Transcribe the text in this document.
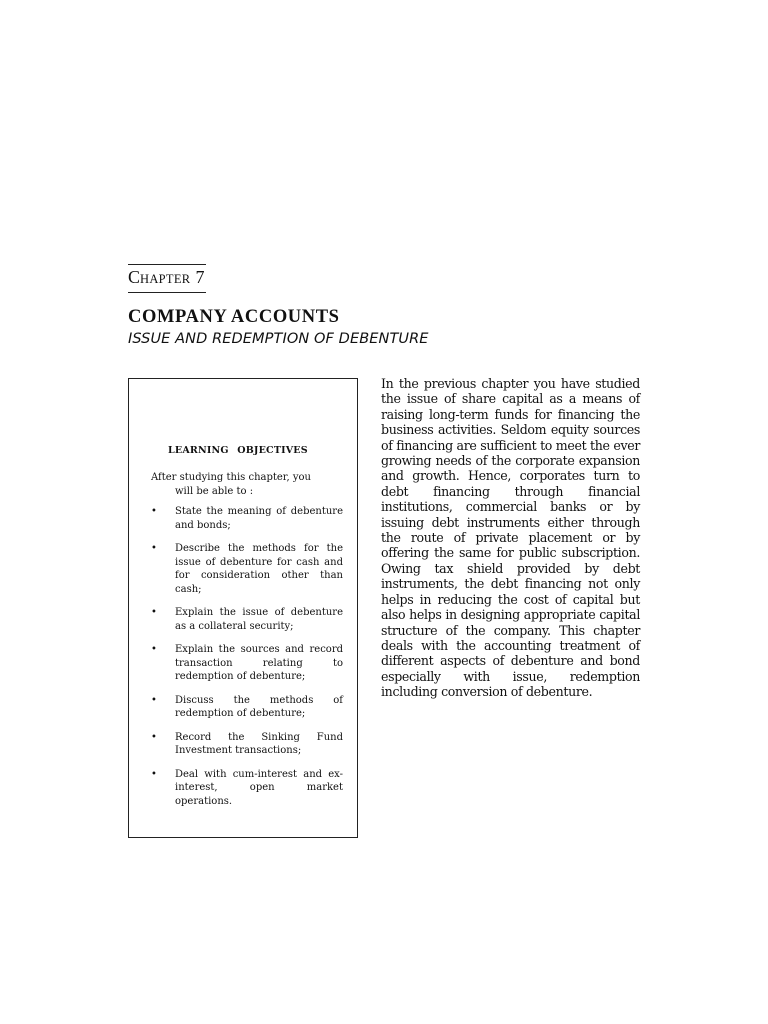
CHAPTER 7
COMPANY ACCOUNTS
ISSUE AND REDEMPTION OF DEBENTURE
LEARNING OBJECTIVES
After studying this chapter, you
will be able to :
• State the meaning of debenture and bonds;
• Describe the methods for the issue of debenture for cash and for consideration other than cash;
• Explain the issue of debenture as a collateral security;
• Explain the sources and record transaction relating to redemption of debenture;
• Discuss the methods of redemption of debenture;
• Record the Sinking Fund Investment transactions;
• Deal with cum-interest and ex-interest, open market operations.

In the previous chapter you have studied the issue of share capital as a means of raising long-term funds for financing the business activities. Seldom equity sources of financing are sufficient to meet the ever growing needs of the corporate expansion and growth. Hence, corporates turn to debt financing through financial institutions, commercial banks or by issuing debt instruments either through the route of private placement or by offering the same for public subscription. Owing tax shield provided by debt instruments, the debt financing not only helps in reducing the cost of capital but also helps in designing appropriate capital structure of the company. This chapter deals with the accounting treatment of different aspects of debenture and bond especially with issue, redemption including conversion of debenture.
